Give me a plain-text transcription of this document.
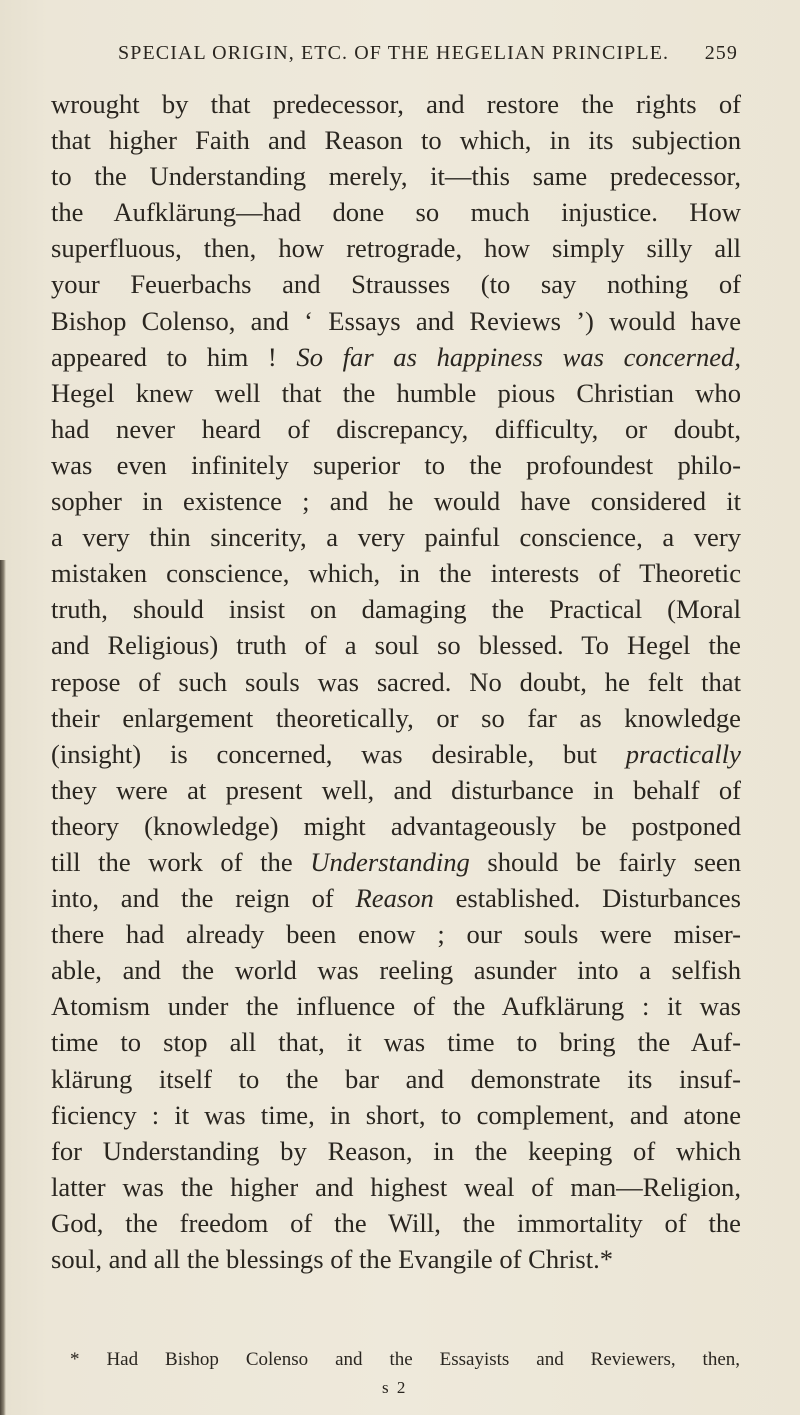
SPECIAL ORIGIN, ETC. OF THE HEGELIAN PRINCIPLE. 259
wrought by that predecessor, and restore the rights of
that higher Faith and Reason to which, in its subjection
to the Understanding merely, it—this same predecessor,
the Aufklärung—had done so much injustice. How
superfluous, then, how retrograde, how simply silly all
your Feuerbachs and Strausses (to say nothing of
Bishop Colenso, and ‘ Essays and Reviews ’) would have
appeared to him ! So far as happiness was concerned,
Hegel knew well that the humble pious Christian who
had never heard of discrepancy, difficulty, or doubt,
was even infinitely superior to the profoundest philo-
sopher in existence ; and he would have considered it
a very thin sincerity, a very painful conscience, a very
mistaken conscience, which, in the interests of Theoretic
truth, should insist on damaging the Practical (Moral
and Religious) truth of a soul so blessed. To Hegel the
repose of such souls was sacred. No doubt, he felt that
their enlargement theoretically, or so far as knowledge
(insight) is concerned, was desirable, but practically
they were at present well, and disturbance in behalf of
theory (knowledge) might advantageously be postponed
till the work of the Understanding should be fairly seen
into, and the reign of Reason established. Disturbances
there had already been enow ; our souls were miser-
able, and the world was reeling asunder into a selfish
Atomism under the influence of the Aufklärung : it was
time to stop all that, it was time to bring the Auf-
klärung itself to the bar and demonstrate its insuf-
ficiency : it was time, in short, to complement, and atone
for Understanding by Reason, in the keeping of which
latter was the higher and highest weal of man—Religion,
God, the freedom of the Will, the immortality of the
soul, and all the blessings of the Evangile of Christ.*
* Had Bishop Colenso and the Essayists and Reviewers, then,
s 2
